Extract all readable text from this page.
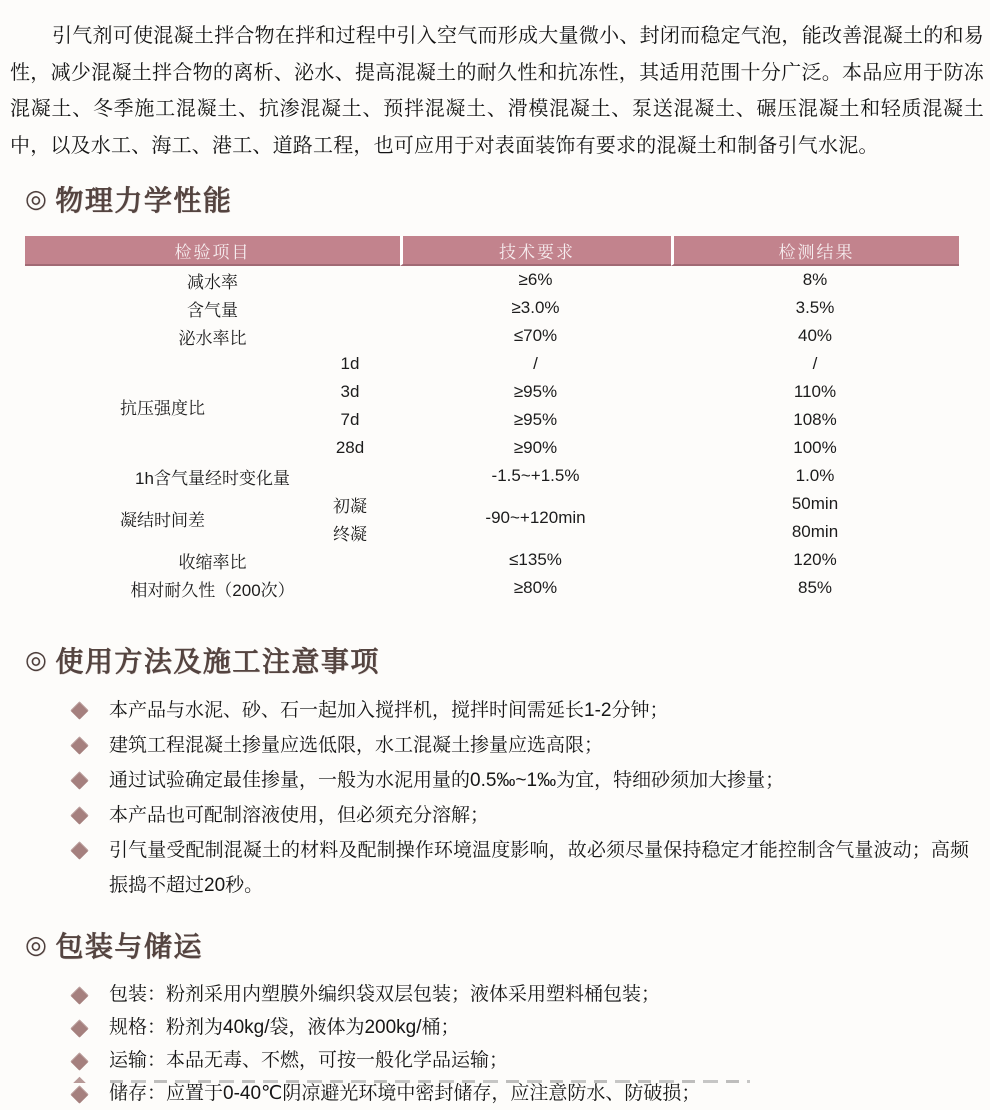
引气剂可使混凝土拌合物在拌和过程中引入空气而形成大量微小、封闭而稳定气泡，能改善混凝土的和易性，减少混凝土拌合物的离析、泌水、提高混凝土的耐久性和抗冻性，其适用范围十分广泛。本品应用于防冻混凝土、冬季施工混凝土、抗渗混凝土、预拌混凝土、滑模混凝土、泵送混凝土、碾压混凝土和轻质混凝土中，以及水工、海工、港工、道路工程，也可应用于对表面装饰有要求的混凝土和制备引气水泥。

◎ 物理力学性能
检验项目		技术要求	检测结果
减水率		≥6%	8%
含气量		≥3.0%	3.5%
泌水率比		≤70%	40%
抗压强度比	1d	/	/
	3d	≥95%	110%
	7d	≥95%	108%
	28d	≥90%	100%
1h含气量经时变化量		-1.5~+1.5%	1.0%
凝结时间差	初凝	-90~+120min	50min
	终凝		80min
收缩率比		≤135%	120%
相对耐久性（200次）		≥80%	85%
◎ 使用方法及施工注意事项
本产品与水泥、砂、石一起加入搅拌机，搅拌时间需延长1-2分钟；
建筑工程混凝土掺量应选低限，水工混凝土掺量应选高限；
通过试验确定最佳掺量，一般为水泥用量的0.5‰~1‰为宜，特细砂须加大掺量；
本产品也可配制溶液使用，但必须充分溶解；
引气量受配制混凝土的材料及配制操作环境温度影响，故必须尽量保持稳定才能控制含气量波动；高频振捣不超过20秒。
◎ 包装与储运
包装：粉剂采用内塑膜外编织袋双层包装；液体采用塑料桶包装；
规格：粉剂为40kg/袋，液体为200kg/桶；
运输：本品无毒、不燃，可按一般化学品运输；
储存：应置于0-40℃阴凉避光环境中密封储存，应注意防水、防破损；
